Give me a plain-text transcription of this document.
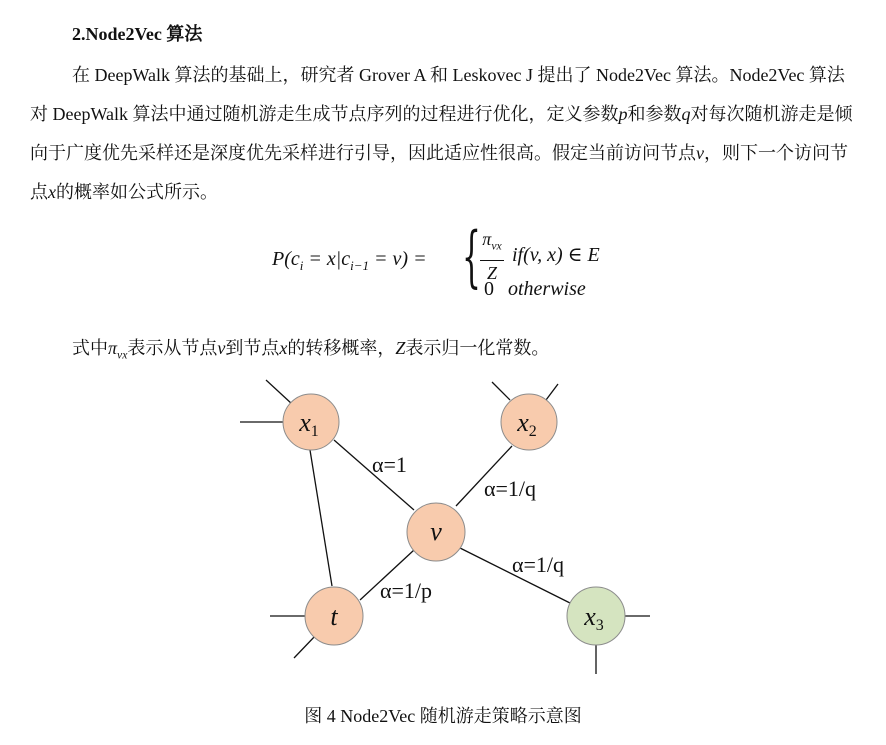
2.Node2Vec 算法

在 DeepWalk 算法的基础上，研究者 Grover A 和 Leskovec J 提出了 Node2Vec 算法。Node2Vec 算法对 DeepWalk 算法中通过随机游走生成节点序列的过程进行优化，定义参数p和参数q对每次随机游走是倾向于广度优先采样还是深度优先采样进行引导，因此适应性很高。假定当前访问节点v，则下一个访问节点x的概率如公式所示。

$P(c_i = x|c_{i-1} = v)$ = { $\pi_{vx}$
Z
if(v, x) ∈ E
0 otherwise
式中$\pi_{vx}$表示从节点v到节点x的转移概率，Z表示归一化常数。
x1	x2
v
t	x3
α=1
α=1/q
α=1/q
α=1/p
图 4 Node2Vec 随机游走策略示意图
